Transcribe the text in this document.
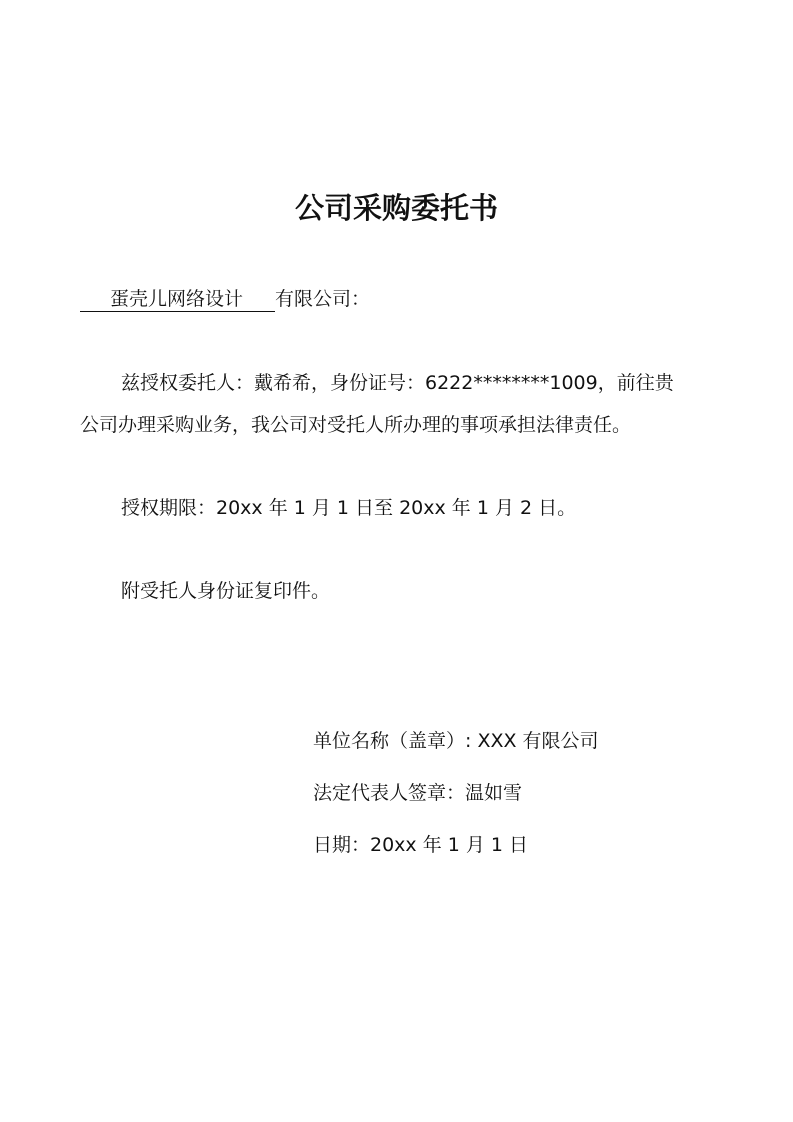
公司采购委托书
蛋壳儿网络设计 有限公司：
兹授权委托人：戴希希，身份证号：6222********1009，前往贵
公司办理采购业务，我公司对受托人所办理的事项承担法律责任。
授权期限：20xx 年 1 月 1 日至 20xx 年 1 月 2 日。
附受托人身份证复印件。
单位名称（盖章）: XXX 有限公司
法定代表人签章：温如雪
日期：20xx 年 1 月 1 日
